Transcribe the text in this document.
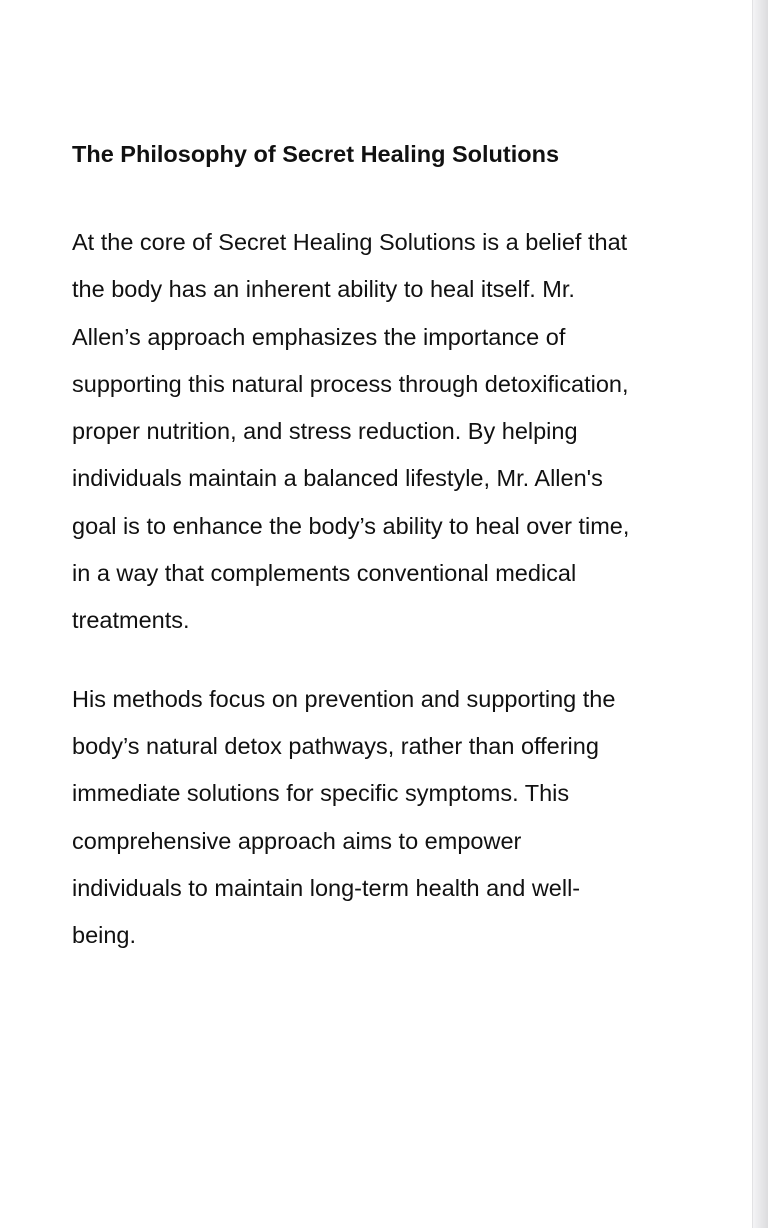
The Philosophy of Secret Healing Solutions
At the core of Secret Healing Solutions is a belief that
the body has an inherent ability to heal itself. Mr.
Allen’s approach emphasizes the importance of
supporting this natural process through detoxification,
proper nutrition, and stress reduction. By helping
individuals maintain a balanced lifestyle, Mr. Allen's
goal is to enhance the body’s ability to heal over time,
in a way that complements conventional medical
treatments.
His methods focus on prevention and supporting the
body’s natural detox pathways, rather than offering
immediate solutions for specific symptoms. This
comprehensive approach aims to empower
individuals to maintain long-term health and well-
being.
